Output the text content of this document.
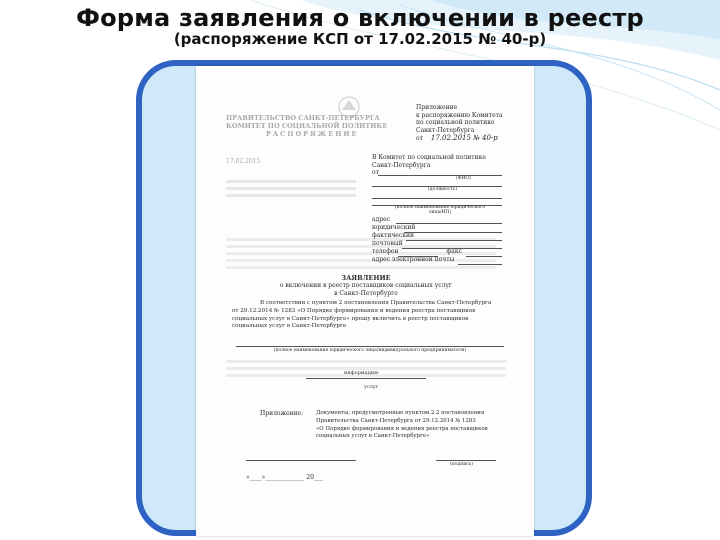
Форма заявления о включении в реестр
(распоряжение КСП от 17.02.2015 № 40-р)
ПРАВИТЕЛЬСТВО САНКТ-ПЕТЕРБУРГА
КОМИТЕТ ПО СОЦИАЛЬНОЙ ПОЛИТИКЕ
РАСПОРЯЖЕНИЕ
17.02.2015
Приложение
к распоряжению Комитета
по социальной политике
Санкт-Петербурга
от 17.02.2015 № 40-р
В Комитет по социальной политике
Санкт-Петербурга
от
(ФИО)
(должность)
(полное наименование юридического
лица/ИП)
адрес
юридический
фактический
почтовый
телефон	факс
адрес электронной почты
ЗАЯВЛЕНИЕ
о включении в реестр поставщиков социальных услуг
в Санкт-Петербурге
В соответствии с пунктом 2 постановления Правительства Санкт-Петербурга
от 29.12.2014 № 1283 «О Порядке формирования и ведения реестра поставщиков
социальных услуг в Санкт-Петербурге» прошу включить в реестр поставщиков
социальных услуг в Санкт-Петербурге
(полное наименование юридического лица/индивидуального предпринимателя)
информацию
услуг
Приложение: Документы, предусмотренные пунктом 2.2 постановления
Правительства Санкт-Петербурга от 29.12.2014 № 1283
«О Порядке формирования и ведения реестра поставщиков
социальных услуг в Санкт-Петербурге»
(подпись)
«____»_____________ 20___
